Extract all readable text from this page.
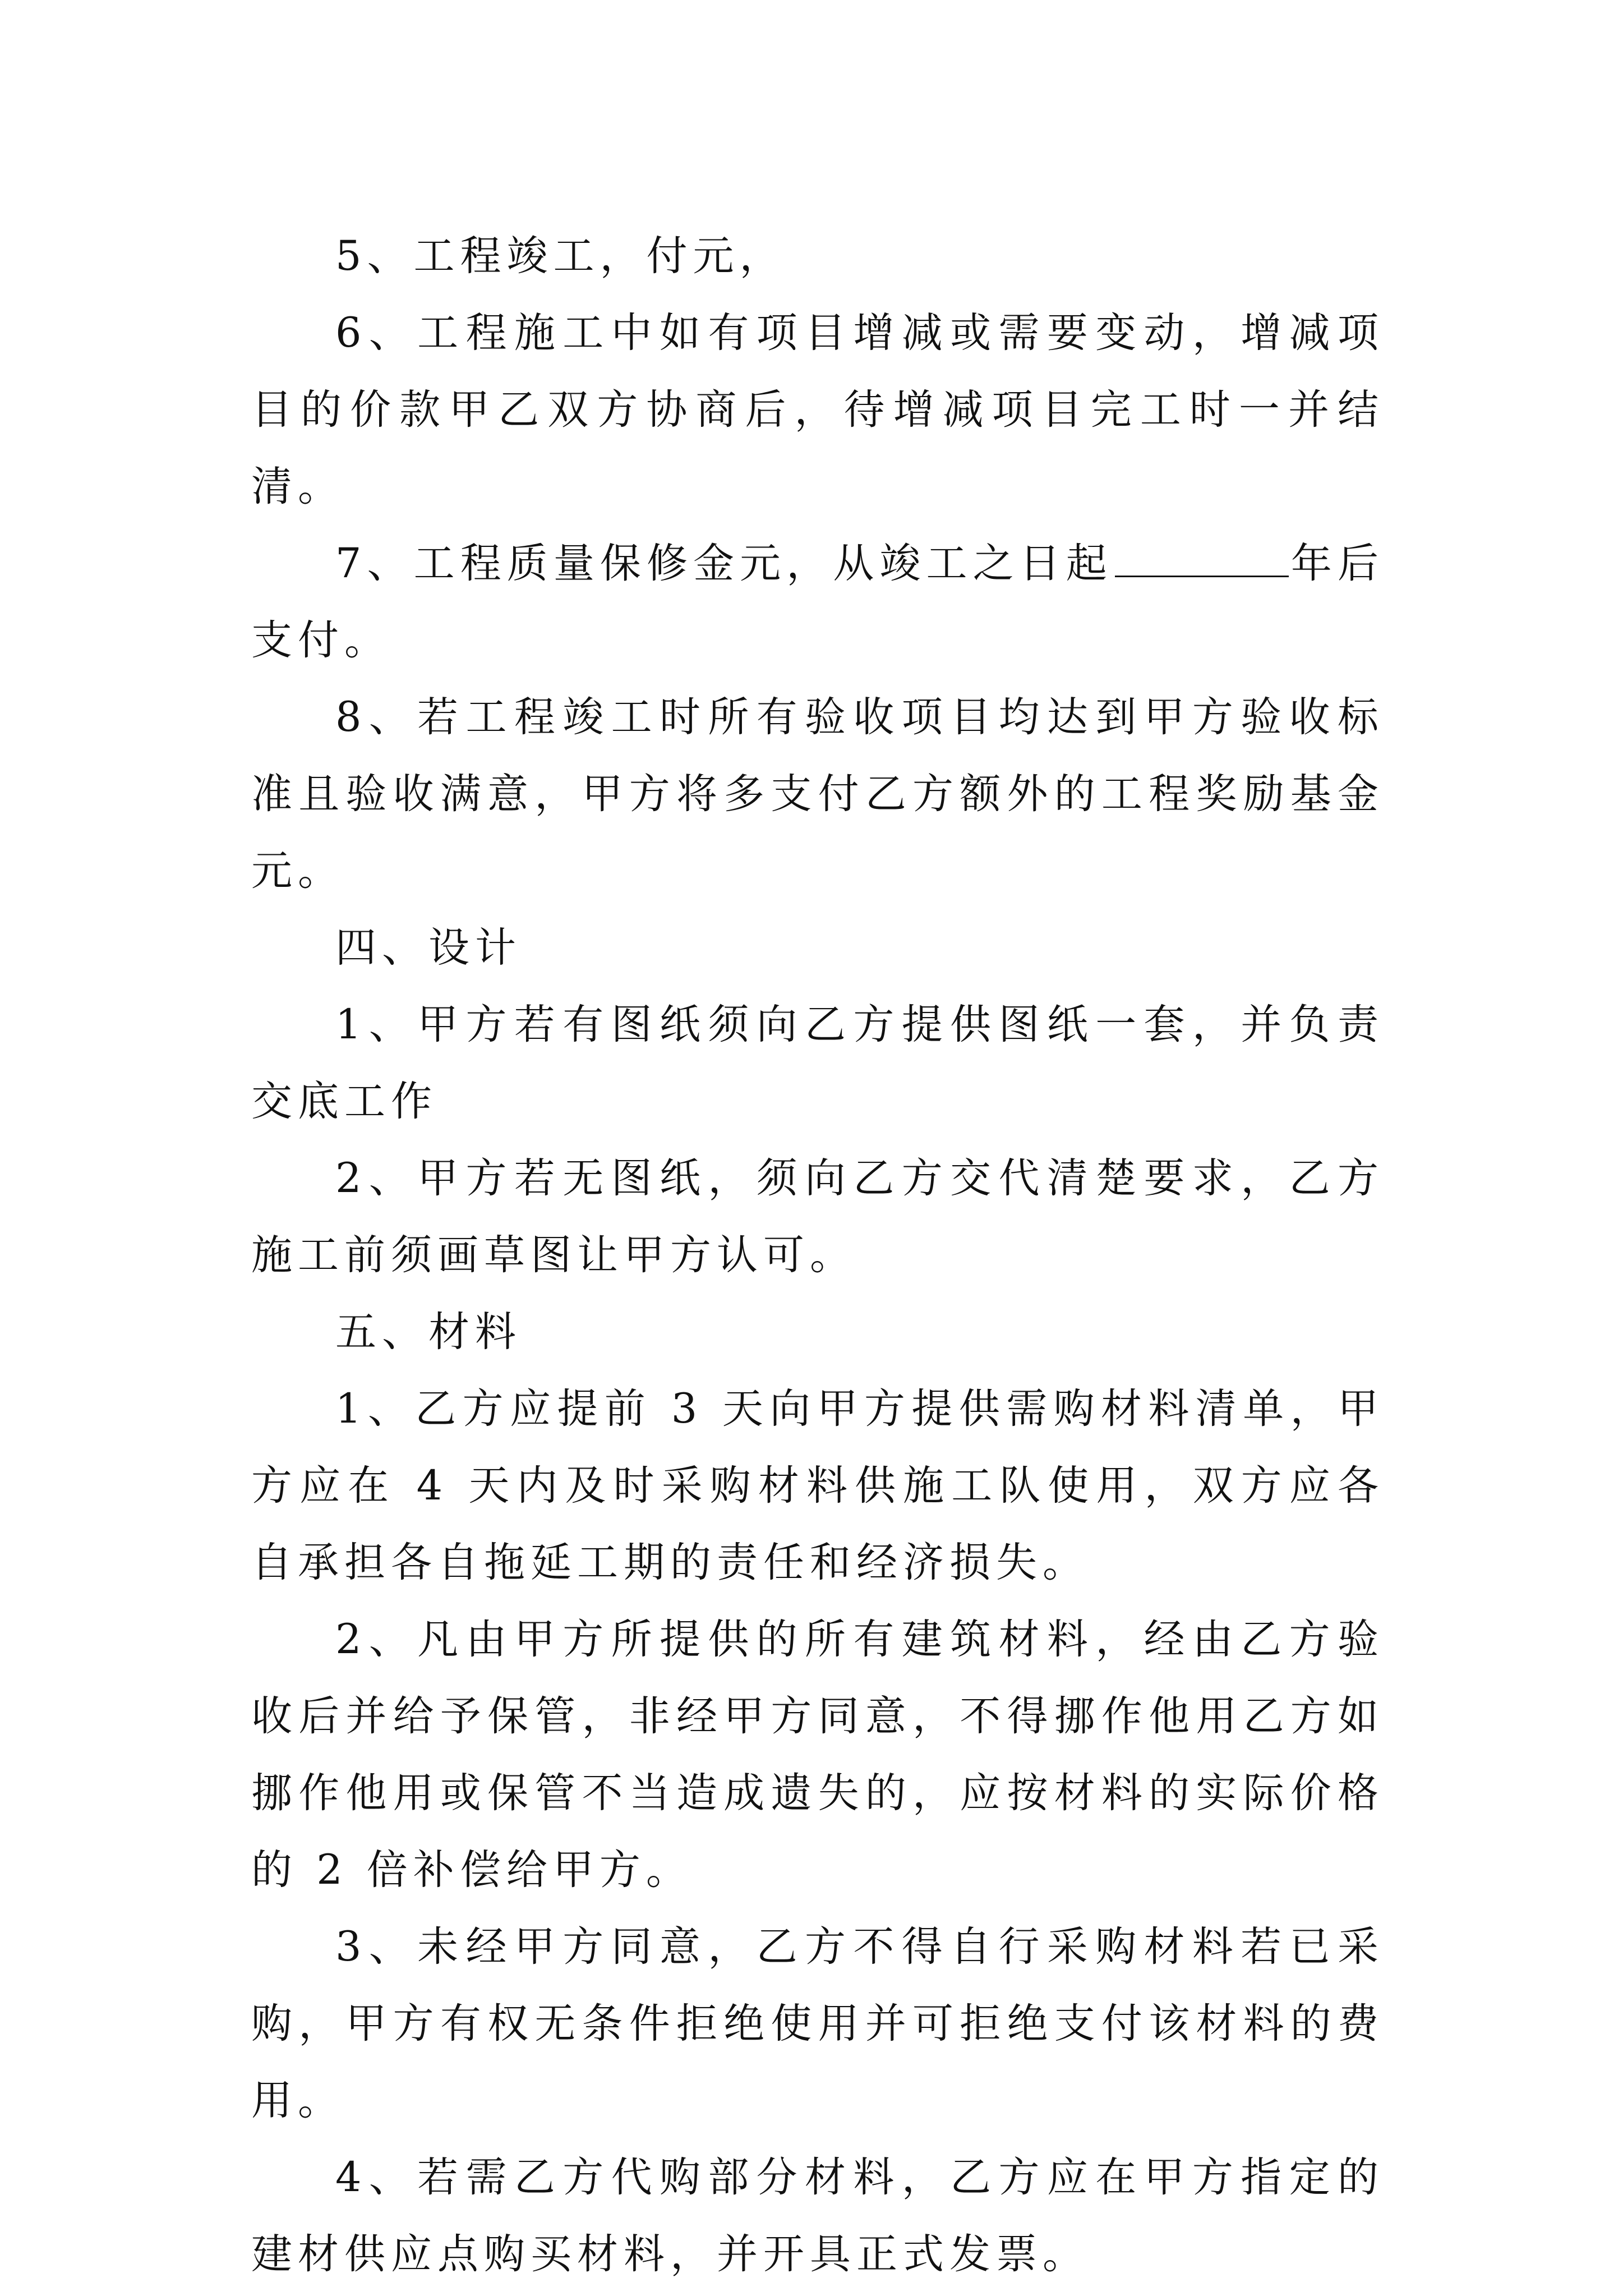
5、工程竣工，付元，

6、工程施工中如有项目增减或需要变动，增减项目的价款甲乙双方协商后，待增减项目完工时一并结清。

7、工程质量保修金元，从竣工之日起	年后支付。

8、若工程竣工时所有验收项目均达到甲方验收标准且验收满意，甲方将多支付乙方额外的工程奖励基金元。

四、设计

1、甲方若有图纸须向乙方提供图纸一套，并负责交底工作

2、甲方若无图纸，须向乙方交代清楚要求，乙方施工前须画草图让甲方认可。

五、材料

1、乙方应提前 3 天向甲方提供需购材料清单，甲方应在 4 天内及时采购材料供施工队使用，双方应各自承担各自拖延工期的责任和经济损失。

2、凡由甲方所提供的所有建筑材料，经由乙方验收后并给予保管，非经甲方同意，不得挪作他用乙方如挪作他用或保管不当造成遗失的，应按材料的实际价格的 2 倍补偿给甲方。

3、未经甲方同意，乙方不得自行采购材料若已采购，甲方有权无条件拒绝使用并可拒绝支付该材料的费用。

4、若需乙方代购部分材料，乙方应在甲方指定的建材供应点购买材料，并开具正式发票。
